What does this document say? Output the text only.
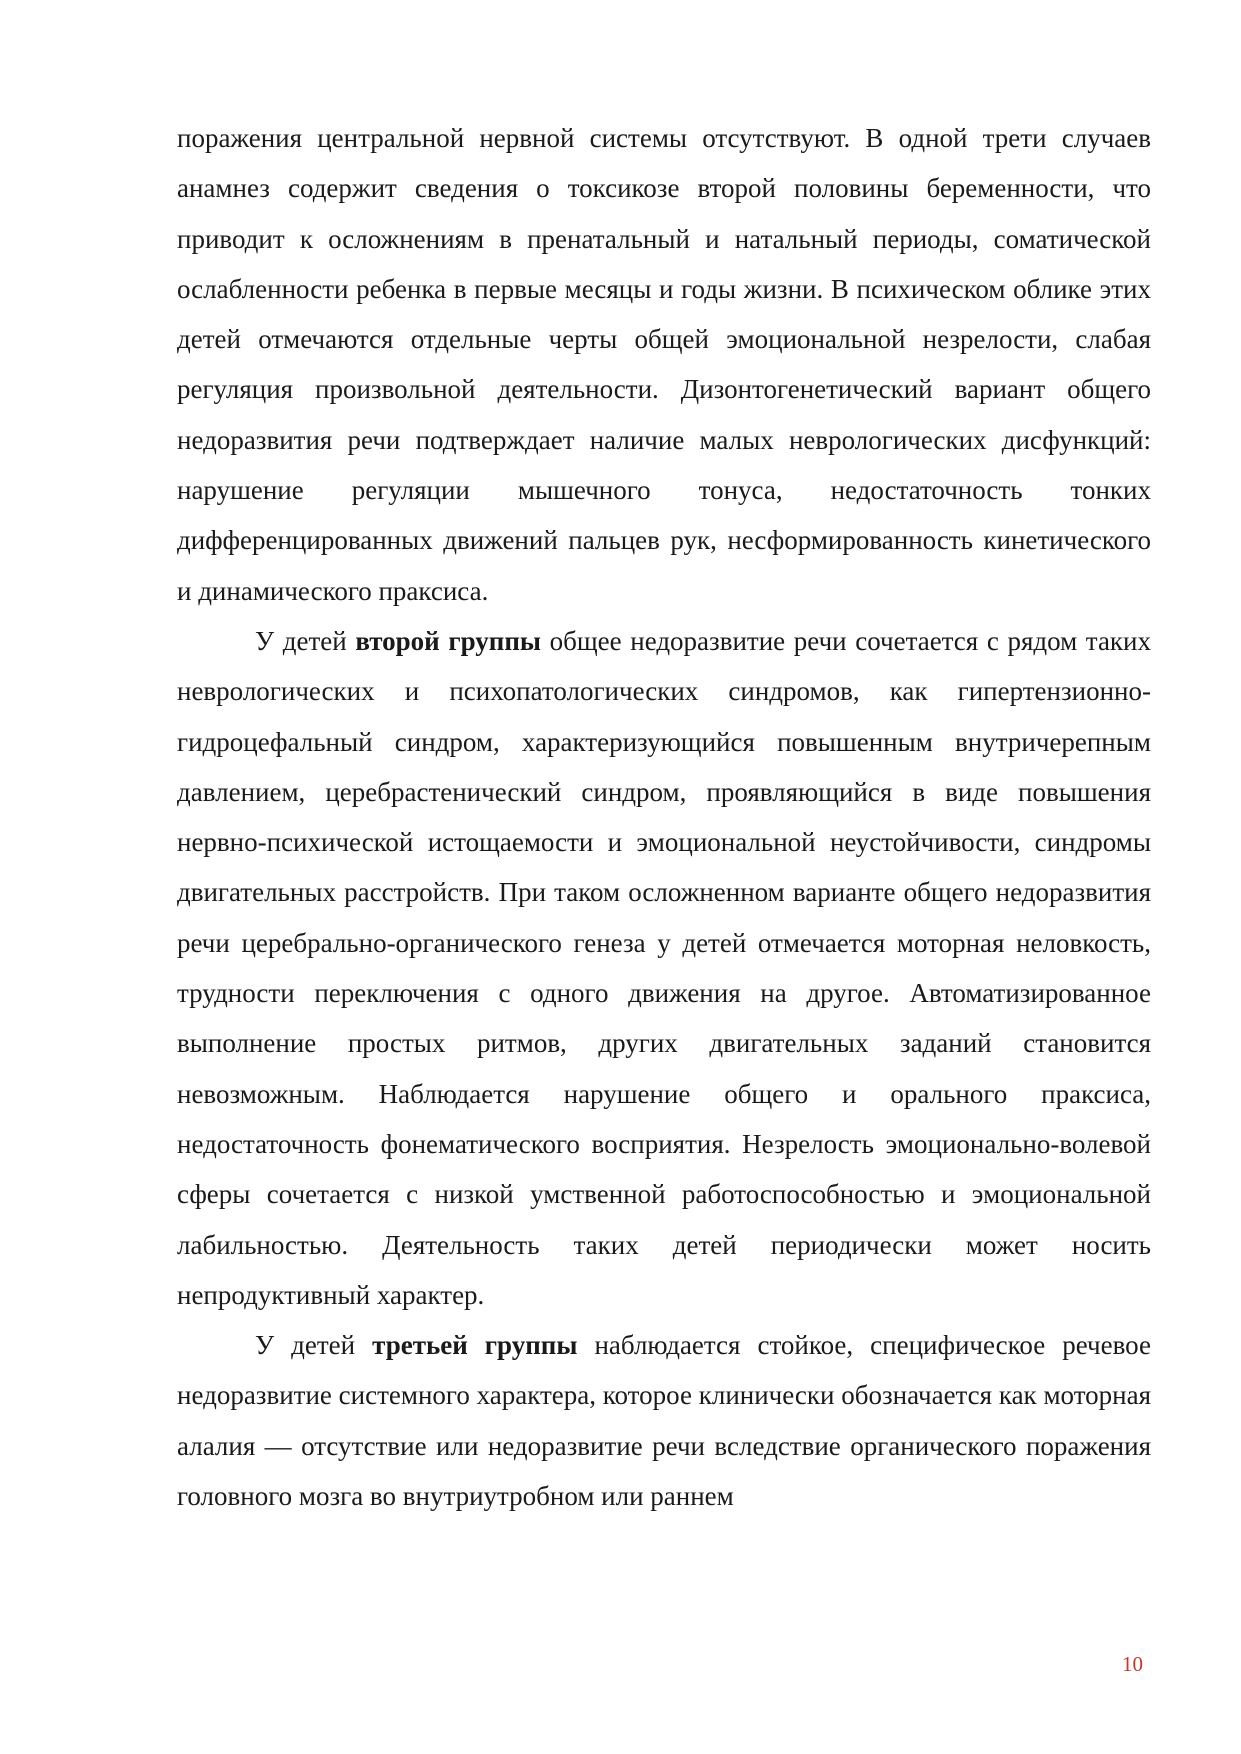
поражения центральной нервной системы отсутствуют. В одной трети случаев анамнез содержит сведения о токсикозе второй половины беременности, что приводит к осложнениям в пренатальный и натальный периоды, соматической ослабленности ребенка в первые месяцы и годы жизни. В психическом облике этих детей отмечаются отдельные черты общей эмоциональной незрелости, слабая регуляция произвольной деятельности. Дизонтогенетический вариант общего недоразвития речи подтверждает наличие малых неврологических дисфункций: нарушение регуляции мышечного тонуса, недостаточность тонких дифференцированных движений пальцев рук, несформированность кинетического и динамического праксиса.

У детей второй группы общее недоразвитие речи сочетается с рядом таких неврологических и психопатологических синдромов, как гипертензионно-гидроцефальный синдром, характеризующийся повышенным внутричерепным давлением, церебрастенический синдром, проявляющийся в виде повышения нервно-психической истощаемости и эмоциональной неустойчивости, синдромы двигательных расстройств. При таком осложненном варианте общего недоразвития речи церебрально-органического генеза у детей отмечается моторная неловкость, трудности переключения с одного движения на другое. Автоматизированное выполнение простых ритмов, других двигательных заданий становится невозможным. Наблюдается нарушение общего и орального праксиса, недостаточность фонематического восприятия. Незрелость эмоционально-волевой сферы сочетается с низкой умственной работоспособностью и эмоциональной лабильностью. Деятельность таких детей периодически может носить непродуктивный характер.

У детей третьей группы наблюдается стойкое, специфическое речевое недоразвитие системного характера, которое клинически обозначается как моторная алалия — отсутствие или недоразвитие речи вследствие органического поражения головного мозга во внутриутробном или раннем

10
